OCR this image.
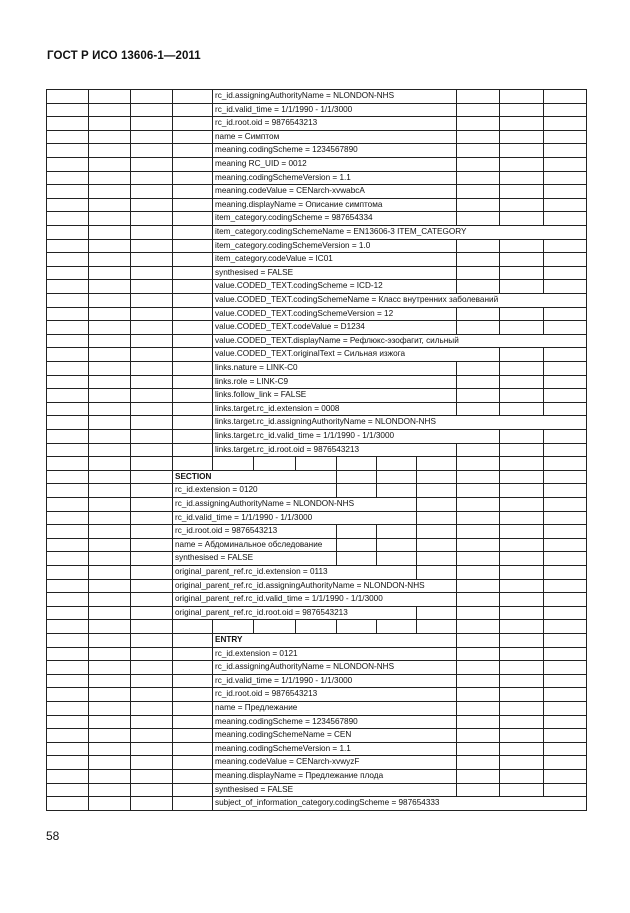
ГОСТ Р ИСО 13606-1—2011
rc_id.assigningAuthorityName = NLONDON-NHS
rc_id.valid_time = 1/1/1990 - 1/1/3000
rc_id.root.oid = 9876543213
name = Симптом
meaning.codingScheme = 1234567890
meaning RC_UID = 0012
meaning.codingSchemeVersion = 1.1
meaning.codeValue = CENarch-xvwabcA
meaning.displayName = Описание симптома
item_category.codingScheme = 987654334
item_category.codingSchemeName = EN13606-3 ITEM_CATEGORY
item_category.codingSchemeVersion = 1.0
item_category.codeValue = IC01
synthesised = FALSE
value.CODED_TEXT.codingScheme = ICD-12
value.CODED_TEXT.codingSchemeName = Класс внутренних заболеваний
value.CODED_TEXT.codingSchemeVersion = 12
value.CODED_TEXT.codeValue = D1234
value.CODED_TEXT.displayName = Рефлюкс-эзофагит, сильный
value.CODED_TEXT.originalText = Сильная изжога
links.nature = LINK-C0
links.role = LINK-C9
links.follow_link = FALSE
links.target.rc_id.extension = 0008
links.target.rc_id.assigningAuthorityName = NLONDON-NHS
links.target.rc_id.valid_time = 1/1/1990 - 1/1/3000
links.target.rc_id.root.oid = 9876543213
SECTION
rc_id.extension = 0120
rc_id.assigningAuthorityName = NLONDON-NHS
rc_id.valid_time = 1/1/1990 - 1/1/3000
rc_id.root.oid = 9876543213
name = Абдоминальное обследование
synthesised = FALSE
original_parent_ref.rc_id.extension = 0113
original_parent_ref.rc_id.assigningAuthorityName = NLONDON-NHS
original_parent_ref.rc_id.valid_time = 1/1/1990 - 1/1/3000
original_parent_ref.rc_id.root.oid = 9876543213
ENTRY
rc_id.extension = 0121
rc_id.assigningAuthorityName = NLONDON-NHS
rc_id.valid_time = 1/1/1990 - 1/1/3000
rc_id.root.oid = 9876543213
name = Предлежание
meaning.codingScheme = 1234567890
meaning.codingSchemeName = CEN
meaning.codingSchemeVersion = 1.1
meaning.codeValue = CENarch-xvwyzF
meaning.displayName = Предлежание плода
synthesised = FALSE
subject_of_information_category.codingScheme = 987654333
58
